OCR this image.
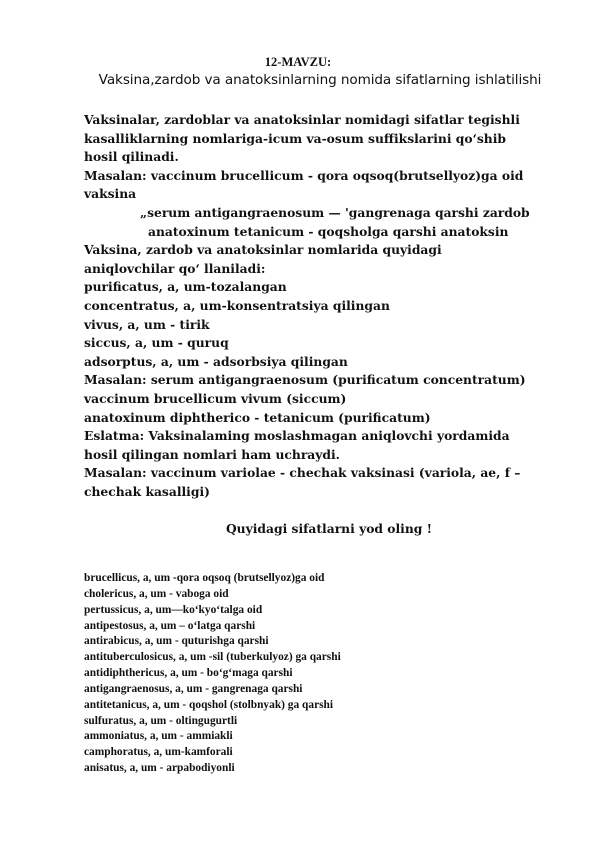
12-MAVZU:
Vaksina,zardob va anatoksinlarning nomida sifatlarning ishlatilishi
Vaksinalar, zardoblar va anatoksinlar nomidagi sifatlar tegishli
kasalliklarning nomlariga-icum va-osum suffikslarini qo‘shib
hosil qilinadi.
Masalan: vaccinum brucellicum - qora oqsoq(brutsellyoz)ga oid
vaksina
„serum antigangraenosum — 'gangrenaga qarshi zardob
anatoxinum tetanicum - qoqsholga qarshi anatoksin
Vaksina, zardob va anatoksinlar nomlarida quyidagi
aniqlovchilar qo‘ llaniladi:
purificatus, a, um-tozalangan
concentratus, a, um-konsentratsiya qilingan
vivus, a, um - tirik
siccus, a, um - quruq
adsorptus, a, um - adsorbsiya qilingan
Masalan: serum antigangraenosum (purificatum concentratum)
vaccinum brucellicum vivum (siccum)
anatoxinum diphtherico - tetanicum (purificatum)
Eslatma: Vaksinalaming moslashmagan aniqlovchi yordamida
hosil qilingan nomlari ham uchraydi.
Masalan: vaccinum variolae - chechak vaksinasi (variola, ae, f –
chechak kasalligi)
Quyidagi sifatlarni yod oling !
brucellicus, a, um -qora oqsoq (brutsellyoz)ga oid
cholericus, a, um - vaboga oid
pertussicus, a, um—ko‘kyo‘talga oid
antipestosus, a, um – o‘latga qarshi
antirabicus, a, um - quturishga qarshi
antituberculosicus, a, um -sil (tuberkulyoz) ga qarshi
antidiphthericus, a, um - bo‘g‘maga qarshi
antigangraenosus, a, um - gangrenaga qarshi
antitetanicus, a, um - qoqshol (stolbnyak) ga qarshi
sulfuratus, a, um - oltingugurtli
ammoniatus, a, um - ammiakli
camphoratus, a, um-kamforali
anisatus, a, um - arpabodiyonli
